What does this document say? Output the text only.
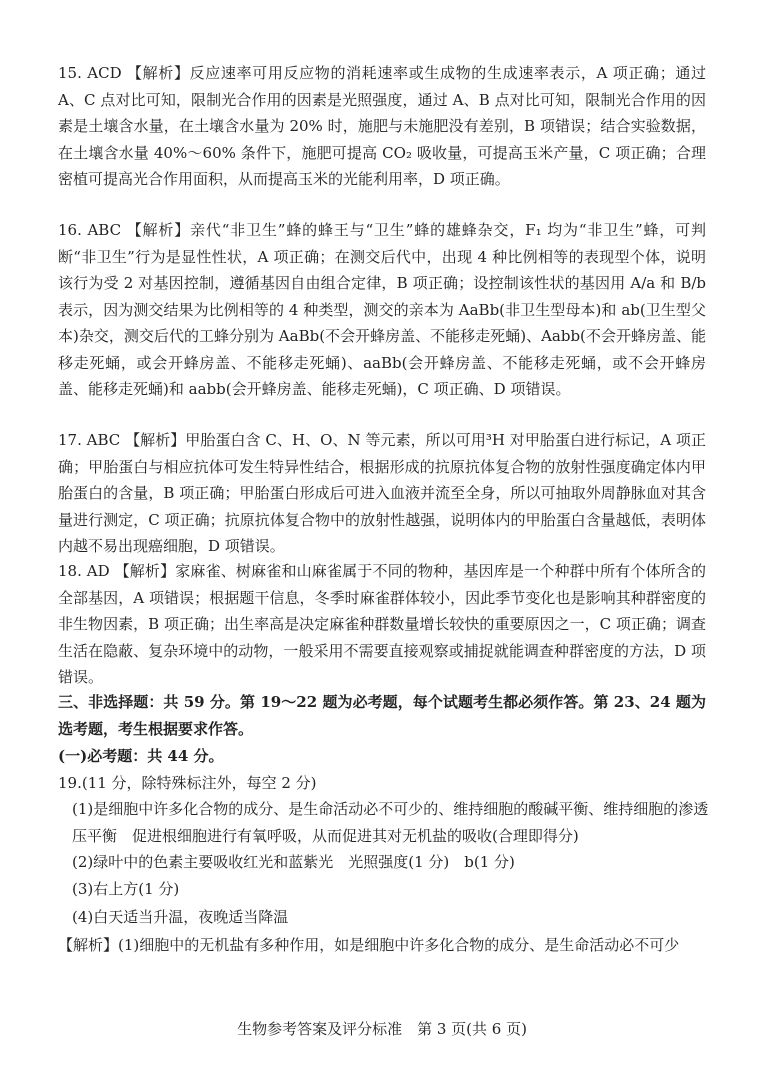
15. ACD 【解析】反应速率可用反应物的消耗速率或生成物的生成速率表示，A 项正确；通过 A、C 点对比可知，限制光合作用的因素是光照强度，通过 A、B 点对比可知，限制光合作用的因素是土壤含水量，在土壤含水量为 20% 时，施肥与未施肥没有差别，B 项错误；结合实验数据，在土壤含水量 40%～60% 条件下，施肥可提高 CO₂ 吸收量，可提高玉米产量，C 项正确；合理密植可提高光合作用面积，从而提高玉米的光能利用率，D 项正确。
16. ABC 【解析】亲代“非卫生”蜂的蜂王与“卫生”蜂的雄蜂杂交，F₁ 均为“非卫生”蜂，可判断“非卫生”行为是显性性状，A 项正确；在测交后代中，出现 4 种比例相等的表现型个体，说明该行为受 2 对基因控制，遵循基因自由组合定律，B 项正确；设控制该性状的基因用 A/a 和 B/b 表示，因为测交结果为比例相等的 4 种类型，测交的亲本为 AaBb(非卫生型母本)和 ab(卫生型父本)杂交，测交后代的工蜂分别为 AaBb(不会开蜂房盖、不能移走死蛹)、Aabb(不会开蜂房盖、能移走死蛹，或会开蜂房盖、不能移走死蛹)、aaBb(会开蜂房盖、不能移走死蛹，或不会开蜂房盖、能移走死蛹)和 aabb(会开蜂房盖、能移走死蛹)，C 项正确、D 项错误。
17. ABC 【解析】甲胎蛋白含 C、H、O、N 等元素，所以可用³H 对甲胎蛋白进行标记，A 项正确；甲胎蛋白与相应抗体可发生特异性结合，根据形成的抗原抗体复合物的放射性强度确定体内甲胎蛋白的含量，B 项正确；甲胎蛋白形成后可进入血液并流至全身，所以可抽取外周静脉血对其含量进行测定，C 项正确；抗原抗体复合物中的放射性越强，说明体内的甲胎蛋白含量越低，表明体内越不易出现癌细胞，D 项错误。
18. AD 【解析】家麻雀、树麻雀和山麻雀属于不同的物种，基因库是一个种群中所有个体所含的全部基因，A 项错误；根据题干信息，冬季时麻雀群体较小，因此季节变化也是影响其种群密度的非生物因素，B 项正确；出生率高是决定麻雀种群数量增长较快的重要原因之一，C 项正确；调查生活在隐蔽、复杂环境中的动物，一般采用不需要直接观察或捕捉就能调查种群密度的方法，D 项错误。
三、非选择题：共 59 分。第 19～22 题为必考题，每个试题考生都必须作答。第 23、24 题为选考题，考生根据要求作答。
(一)必考题：共 44 分。
19.(11 分，除特殊标注外，每空 2 分)
(1)是细胞中许多化合物的成分、是生命活动必不可少的、维持细胞的酸碱平衡、维持细胞的渗透压平衡　促进根细胞进行有氧呼吸，从而促进其对无机盐的吸收(合理即得分)
(2)绿叶中的色素主要吸收红光和蓝紫光　光照强度(1 分)　b(1 分)
(3)右上方(1 分)
(4)白天适当升温，夜晚适当降温
【解析】(1)细胞中的无机盐有多种作用，如是细胞中许多化合物的成分、是生命活动必不可少
生物参考答案及评分标准　第 3 页(共 6 页)
